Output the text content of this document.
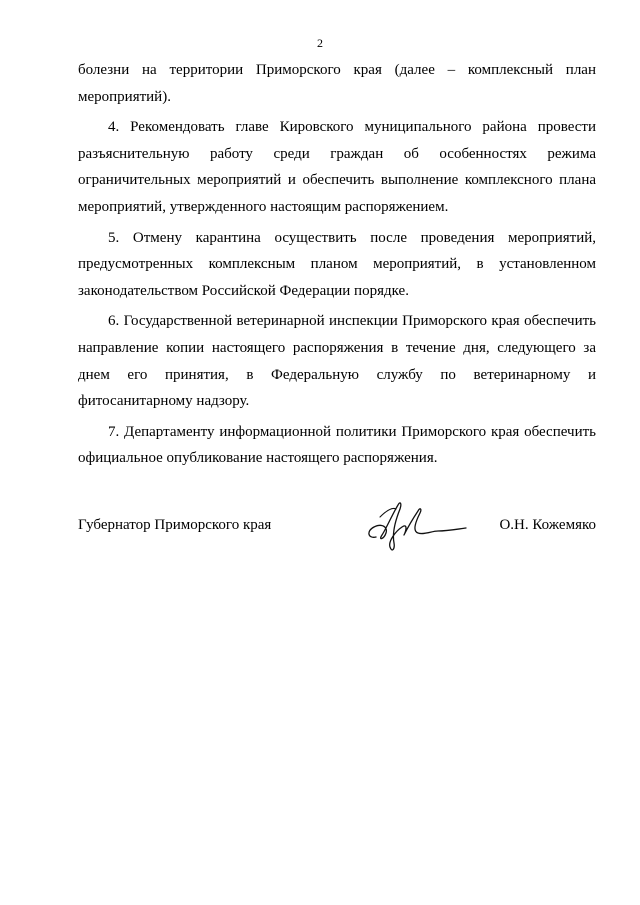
2

болезни на территории Приморского края (далее – комплексный план мероприятий).

4. Рекомендовать главе Кировского муниципального района провести разъяснительную работу среди граждан об особенностях режима ограничительных мероприятий и обеспечить выполнение комплексного плана мероприятий, утвержденного настоящим распоряжением.

5. Отмену карантина осуществить после проведения мероприятий, предусмотренных комплексным планом мероприятий, в установленном законодательством Российской Федерации порядке.

6. Государственной ветеринарной инспекции Приморского края обеспечить направление копии настоящего распоряжения в течение дня, следующего за днем его принятия, в Федеральную службу по ветеринарному и фитосанитарному надзору.

7. Департаменту информационной политики Приморского края обеспечить официальное опубликование настоящего распоряжения.

Губернатор Приморского края	О.Н. Кожемяко
